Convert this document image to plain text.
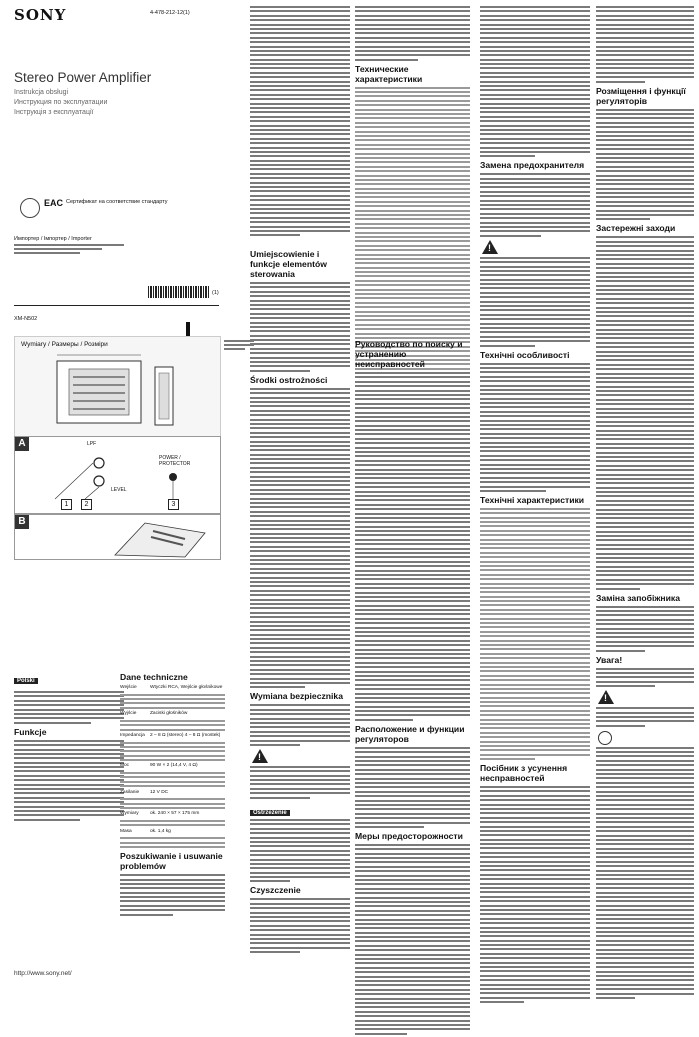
SONY	4-478-212-12(1)
Stereo Power Amplifier
Instrukcja obsługi
Инструкция по эксплуатации
Інструкція з експлуатації
EAC Сертификат на соответствие стандарту
Импортер / Імпортер / Importer
(1)
XM-N502
Wymiary / Размеры / Розміри
A	LPF
LEVEL
POWER / PROTECTOR
1	2	3
B
Polski
Funkcje
http://www.sony.net/
Dane techniczne
Wejście	Wtyczki RCA, Wejście głośnikowe
Wyjście	Zaciski głośników
Impedancja 2 – 8 Ω (stereo) 4 – 8 Ω (mostek)
Moc	90 W × 2 (14,4 V, 4 Ω)
Zasilanie	12 V DC
Wymiary	ok. 240 × 57 × 175 mm
Masa	ok. 1,4 kg
Poszukiwanie i usuwanie problemów
Umiejscowienie i funkcje elementów sterowania
Środki ostrożności
Wymiana bezpiecznika
!
Ostrzeżenie
Czyszczenie
Технические характеристики
Руководство по поиску и устранению неисправностей
Расположение и функции регуляторов
Меры предосторожности
Замена предохранителя
!
Технічні особливості
Технічні характеристики
Посібник з усунення несправностей
Розміщення і функції регуляторів
Застережні заходи
Заміна запобіжника
Увага!
!
